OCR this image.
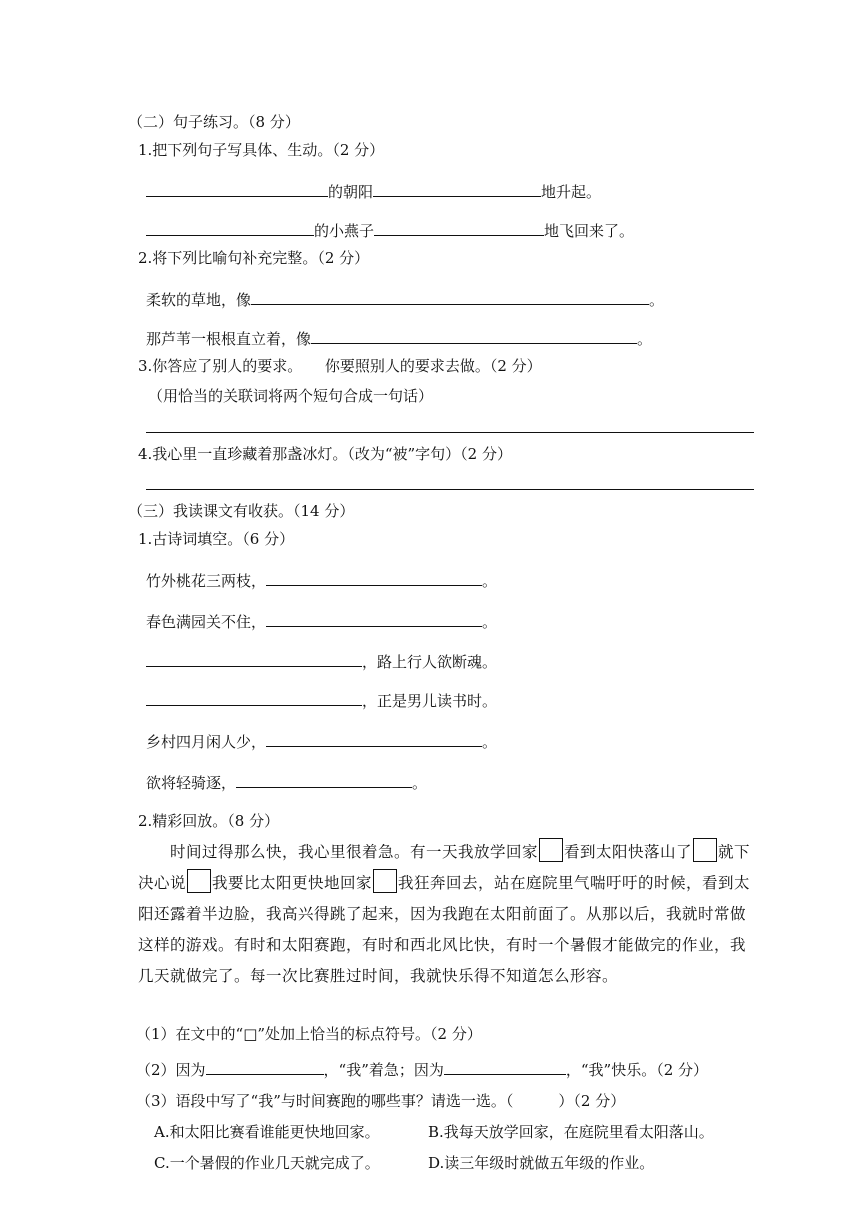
（二）句子练习。（8 分）
1.把下列句子写具体、生动。（2 分）
的朝阳	地升起。
的小燕子	地飞回来了。
2.将下列比喻句补充完整。（2 分）
柔软的草地，像	。
那芦苇一根根直立着，像	。
3.你答应了别人的要求。　　你要照别人的要求去做。（2 分）
（用恰当的关联词将两个短句合成一句话）
4.我心里一直珍藏着那盏冰灯。（改为“被”字句）（2 分）
（三）我读课文有收获。（14 分）
1.古诗词填空。（6 分）
竹外桃花三两枝，	。
春色满园关不住，	。
，路上行人欲断魂。
，正是男儿读书时。
乡村四月闲人少，	。
欲将轻骑逐，	。
2.精彩回放。（8 分）
时间过得那么快，我心里很着急。有一天我放学回家 看到太阳快落山了 就下决心说 我要比太阳更快地回家 我狂奔回去，站在庭院里气喘吁吁的时候，看到太阳还露着半边脸，我高兴得跳了起来，因为我跑在太阳前面了。从那以后，我就时常做这样的游戏。有时和太阳赛跑，有时和西北风比快，有时一个暑假才能做完的作业，我几天就做完了。每一次比赛胜过时间，我就快乐得不知道怎么形容。
（1）在文中的“□”处加上恰当的标点符号。（2 分）
（2）因为	，“我”着急；因为	，“我”快乐。（2 分）
（3）语段中写了“我”与时间赛跑的哪些事？请选一选。（　　　）（2 分）
A.和太阳比赛看谁能更快地回家。	B.我每天放学回家，在庭院里看太阳落山。
C.一个暑假的作业几天就完成了。	D.读三年级时就做五年级的作业。
